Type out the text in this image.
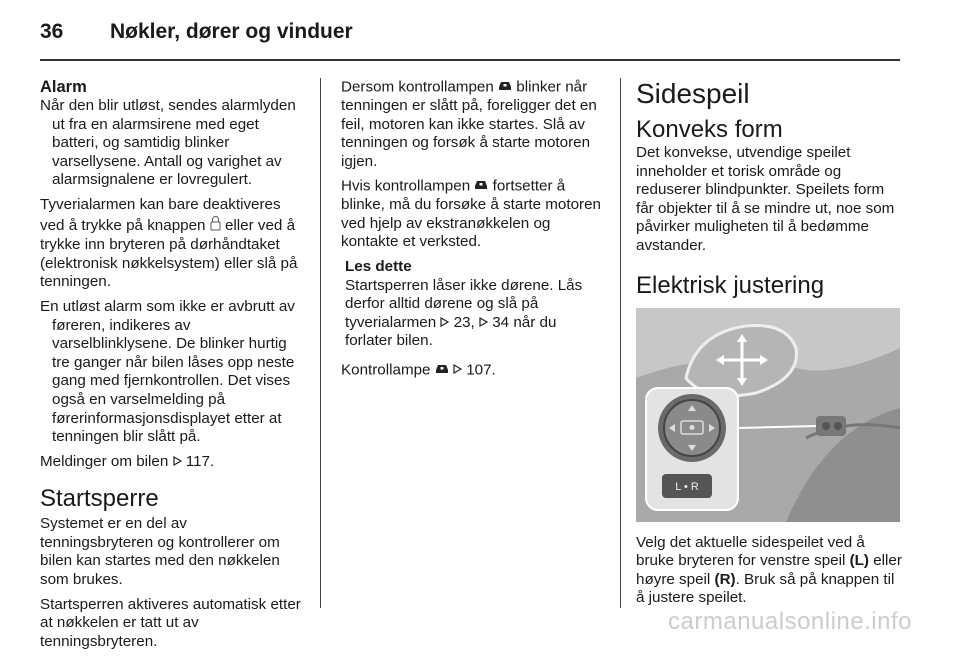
36 Nøkler, dører og vinduer
Alarm

Når den blir utløst, sendes alarmlyden ut fra en alarmsirene med eget batteri, og samtidig blinker varsellysene. Antall og varighet av alarmsignalene er lovregulert.

Tyverialarmen kan bare deaktiveres ved å trykke på knappen eller ved å trykke inn bryteren på dørhåndtaket (elektronisk nøkkelsystem) eller slå på tenningen.

En utløst alarm som ikke er avbrutt av føreren, indikeres av varselblinklysene. De blinker hurtig tre ganger når bilen låses opp neste gang med fjernkontrollen. Det vises også en varselmelding på førerinformasjonsdisplayet etter at tenningen blir slått på.

Meldinger om bilen 117.

Startsperre

Systemet er en del av tenningsbryteren og kontrollerer om bilen kan startes med den nøkkelen som brukes.

Startsperren aktiveres automatisk etter at nøkkelen er tatt ut av tenningsbryteren.

Dersom kontrollampen blinker når tenningen er slått på, foreligger det en feil, motoren kan ikke startes. Slå av tenningen og forsøk å starte motoren igjen.

Hvis kontrollampen fortsetter å blinke, må du forsøke å starte motoren ved hjelp av ekstranøkkelen og kontakte et verksted.

Les dette
Startsperren låser ikke dørene. Lås derfor alltid dørene og slå på tyverialarmen 23, 34 når du forlater bilen.

Kontrollampe 107.

Sidespeil
Konveks form

Det konvekse, utvendige speilet inneholder et torisk område og reduserer blindpunkter. Speilets form får objekter til å se mindre ut, noe som påvirker muligheten til å bedømme avstander.

Elektrisk justering
L • R

Velg det aktuelle sidespeilet ved å bruke bryteren for venstre speil (L) eller høyre speil (R). Bruk så på knappen til å justere speilet.

carmanualsonline.info
